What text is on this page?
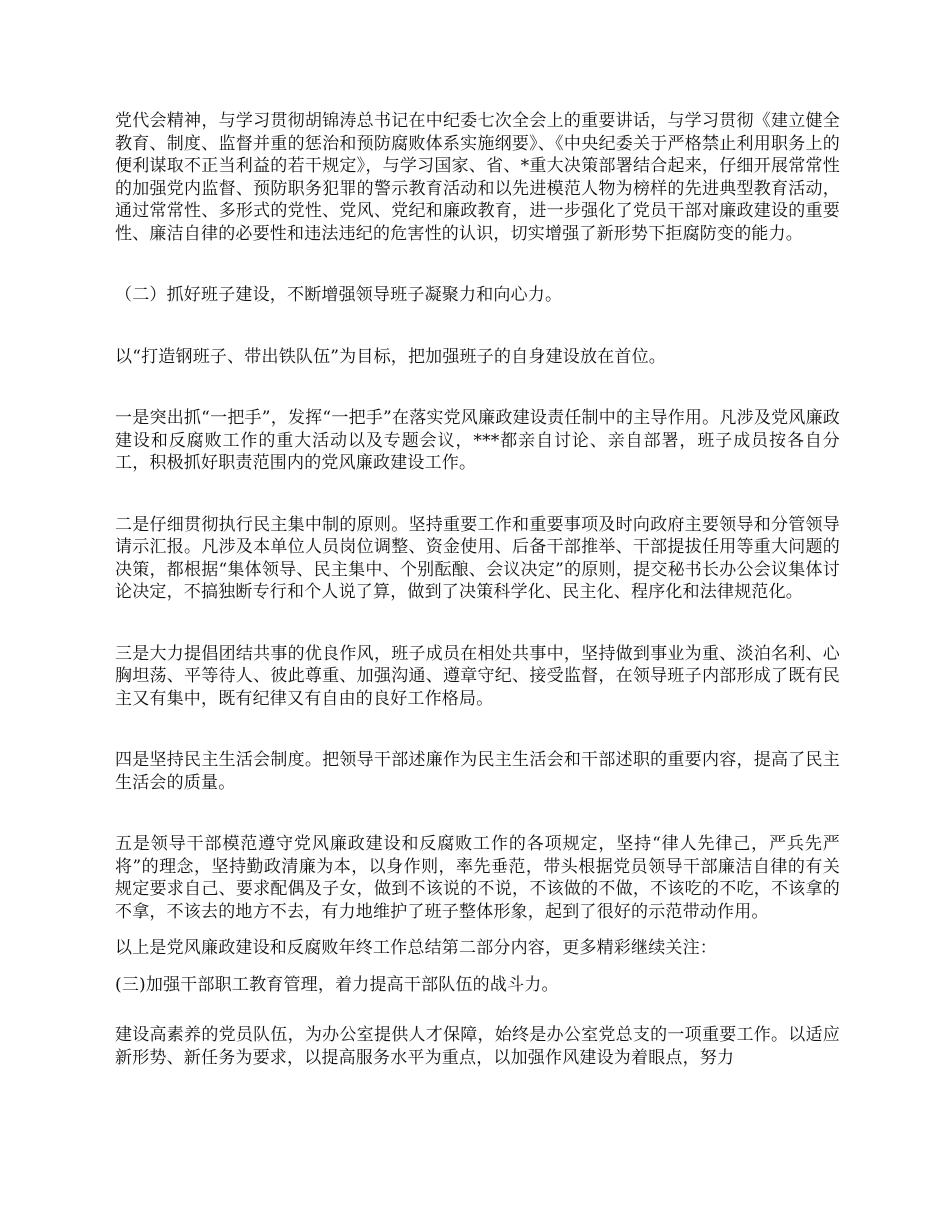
党代会精神，与学习贯彻胡锦涛总书记在中纪委七次全会上的重要讲话，与学习贯彻《建立健全教育、制度、监督并重的惩治和预防腐败体系实施纲要》、《中央纪委关于严格禁止利用职务上的便利谋取不正当利益的若干规定》，与学习国家、省、*重大决策部署结合起来，仔细开展常常性的加强党内监督、预防职务犯罪的警示教育活动和以先进模范人物为榜样的先进典型教育活动，通过常常性、多形式的党性、党风、党纪和廉政教育，进一步强化了党员干部对廉政建设的重要性、廉洁自律的必要性和违法违纪的危害性的认识，切实增强了新形势下拒腐防变的能力。

（二）抓好班子建设，不断增强领导班子凝聚力和向心力。

以“打造钢班子、带出铁队伍”为目标，把加强班子的自身建设放在首位。

一是突出抓“一把手”，发挥“一把手”在落实党风廉政建设责任制中的主导作用。凡涉及党风廉政建设和反腐败工作的重大活动以及专题会议，***都亲自讨论、亲自部署，班子成员按各自分工，积极抓好职责范围内的党风廉政建设工作。

二是仔细贯彻执行民主集中制的原则。坚持重要工作和重要事项及时向政府主要领导和分管领导请示汇报。凡涉及本单位人员岗位调整、资金使用、后备干部推举、干部提拔任用等重大问题的决策，都根据“集体领导、民主集中、个别酝酿、会议决定”的原则，提交秘书长办公会议集体讨论决定，不搞独断专行和个人说了算，做到了决策科学化、民主化、程序化和法律规范化。

三是大力提倡团结共事的优良作风，班子成员在相处共事中，坚持做到事业为重、淡泊名利、心胸坦荡、平等待人、彼此尊重、加强沟通、遵章守纪、接受监督，在领导班子内部形成了既有民主又有集中，既有纪律又有自由的良好工作格局。

四是坚持民主生活会制度。把领导干部述廉作为民主生活会和干部述职的重要内容，提高了民主生活会的质量。

五是领导干部模范遵守党风廉政建设和反腐败工作的各项规定，坚持“律人先律己，严兵先严将”的理念，坚持勤政清廉为本，以身作则，率先垂范，带头根据党员领导干部廉洁自律的有关规定要求自己、要求配偶及子女，做到不该说的不说，不该做的不做，不该吃的不吃，不该拿的不拿，不该去的地方不去，有力地维护了班子整体形象，起到了很好的示范带动作用。

以上是党风廉政建设和反腐败年终工作总结第二部分内容，更多精彩继续关注：

(三)加强干部职工教育管理，着力提高干部队伍的战斗力。

建设高素养的党员队伍，为办公室提供人才保障，始终是办公室党总支的一项重要工作。以适应新形势、新任务为要求，以提高服务水平为重点，以加强作风建设为着眼点，努力
